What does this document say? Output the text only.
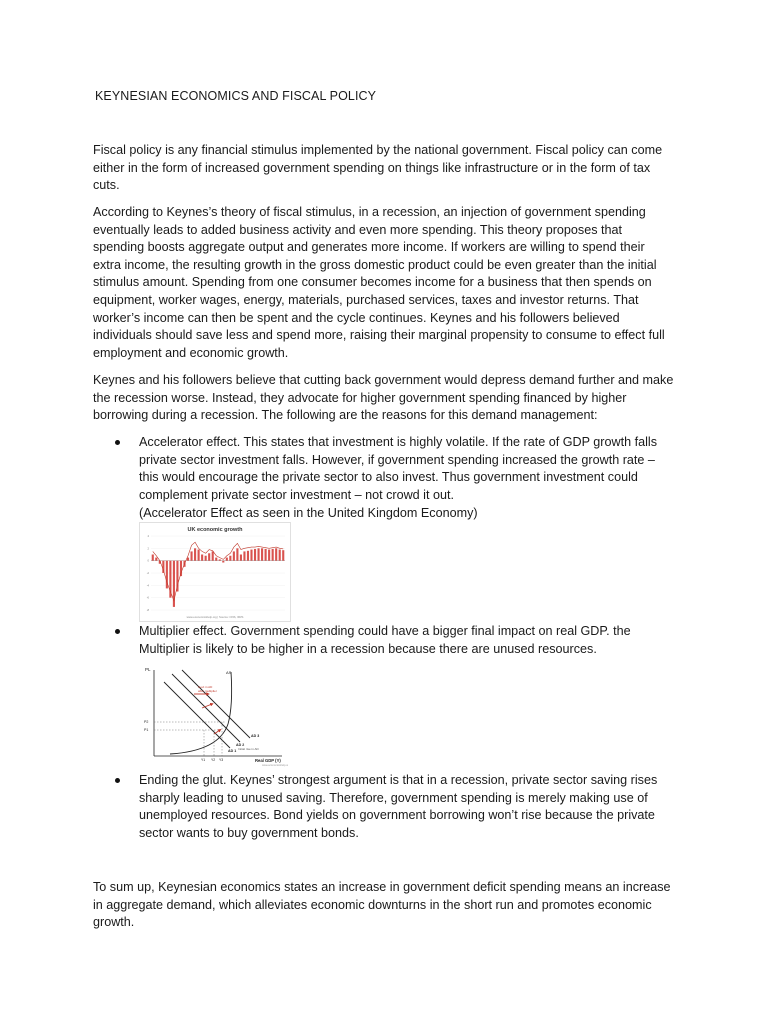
KEYNESIAN ECONOMICS AND FISCAL POLICY

Fiscal policy is any financial stimulus implemented by the national government. Fiscal policy can come either in the form of increased government spending on things like infrastructure or in the form of tax cuts.

According to Keynes’s theory of fiscal stimulus, in a recession, an injection of government spending eventually leads to added business activity and even more spending. This theory proposes that spending boosts aggregate output and generates more income. If workers are willing to spend their extra income, the resulting growth in the gross domestic product could be even greater than the initial stimulus amount. Spending from one consumer becomes income for a business that then spends on equipment, worker wages, energy, materials, purchased services, taxes and investor returns. That worker’s income can then be spent and the cycle continues. Keynes and his followers believed individuals should save less and spend more, raising their marginal propensity to consume to effect full employment and economic growth.

Keynes and his followers believe that cutting back government would depress demand further and make the recession worse. Instead, they advocate for higher government spending financed by higher borrowing during a recession. The following are the reasons for this demand management:

Accelerator effect. This states that investment is highly volatile. If the rate of GDP growth falls private sector investment falls. However, if government spending increased the growth rate – this would encourage the private sector to also invest. Thus government investment could complement private sector investment – not crowd it out.

(Accelerator Effect as seen in the United Kingdom Economy)

UK economic growth
-8
-6
-4
-2
0
2
4
www.economicshelp.org | Source: ONS, IFRS

Multiplier effect. Government spending could have a bigger final impact on real GDP. the Multiplier is likely to be higher in a recession because there are unused resources.

PL
Real GDP (Y)
AS
AD 3
AD 2
AD 1
Govt in AD
after multiplier
Initial rise in AD
P2
P1
Y1 Y2 Y3
www.economicshelp.org

Ending the glut. Keynes’ strongest argument is that in a recession, private sector saving rises sharply leading to unused saving. Therefore, government spending is merely making use of unemployed resources. Bond yields on government borrowing won’t rise because the private sector wants to buy government bonds.

To sum up, Keynesian economics states an increase in government deficit spending means an increase in aggregate demand, which alleviates economic downturns in the short run and promotes economic growth.
